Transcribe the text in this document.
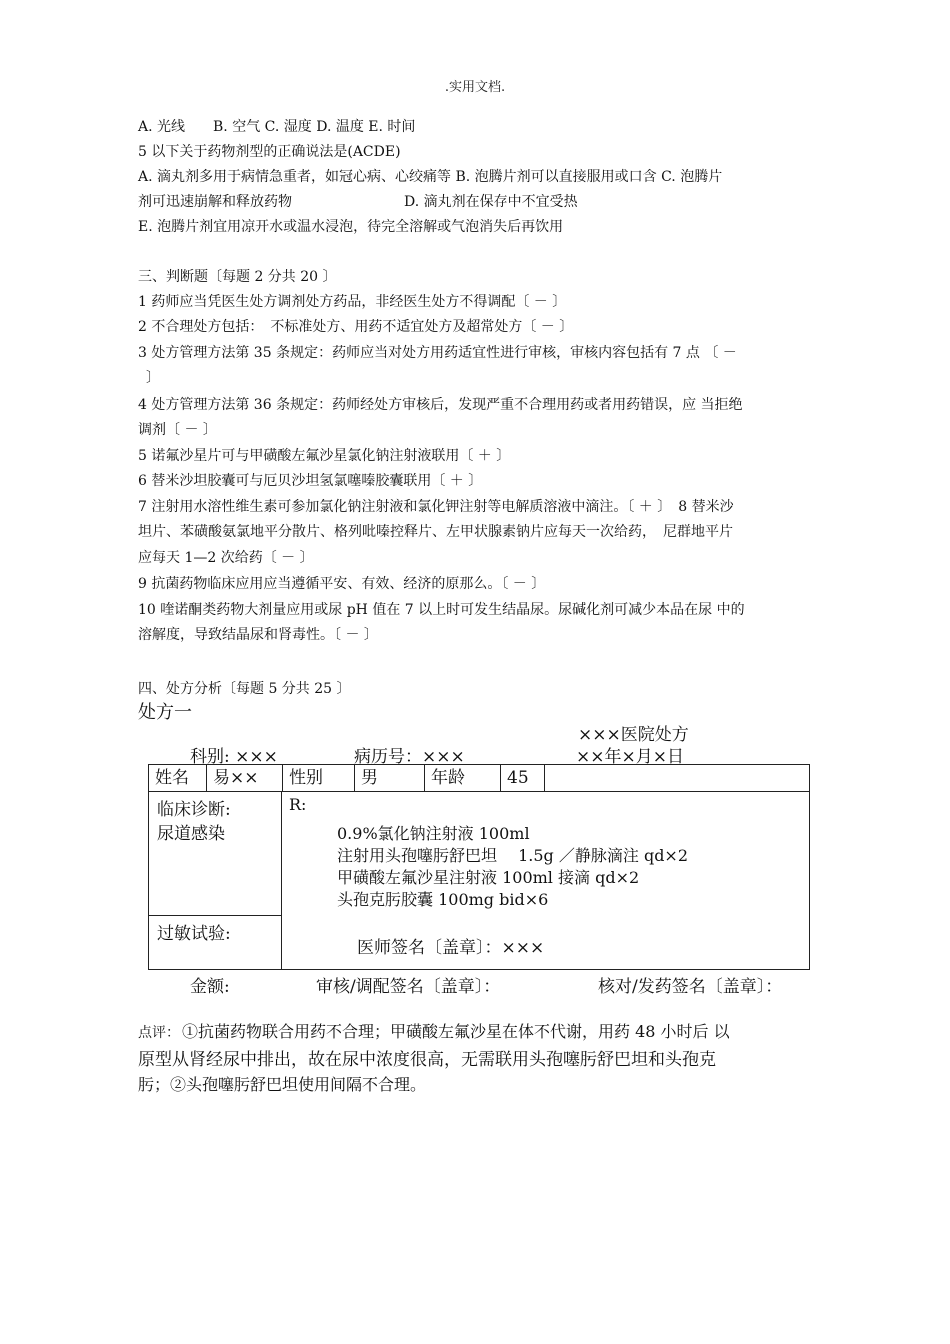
.实用文档.

A. 光线　　B. 空气 C. 湿度 D. 温度 E. 时间

5 以下关于药物剂型的正确说法是(ACDE)

A. 滴丸剂多用于病情急重者，如冠心病、心绞痛等 B. 泡腾片剂可以直接服用或口含 C. 泡腾片

剂可迅速崩解和释放药物　　　　　　　　D. 滴丸剂在保存中不宜受热

E. 泡腾片剂宜用凉开水或温水浸泡，待完全溶解或气泡消失后再饮用

三、判断题〔每题 2 分共 20 〕

1 药师应当凭医生处方调剂处方药品，非经医生处方不得调配〔 － 〕

2 不合理处方包括：　不标准处方、用药不适宜处方及超常处方〔 － 〕

3 处方管理方法第 35 条规定：药师应当对处方用药适宜性进行审核，审核内容包括有 7 点 〔 －

〕

4 处方管理方法第 36 条规定：药师经处方审核后，发现严重不合理用药或者用药错误，应 当拒绝

调剂〔 － 〕

5 诺氟沙星片可与甲磺酸左氟沙星氯化钠注射液联用〔 ＋ 〕

6 替米沙坦胶囊可与厄贝沙坦氢氯噻嗪胶囊联用〔 ＋ 〕

7 注射用水溶性维生素可参加氯化钠注射液和氯化钾注射等电解质溶液中滴注。〔 ＋ 〕　8 替米沙

坦片、苯磺酸氨氯地平分散片、格列吡嗪控释片、左甲状腺素钠片应每天一次给药，　尼群地平片

应每天 1—2 次给药〔 － 〕

9 抗菌药物临床应用应当遵循平安、有效、经济的原那么。〔 － 〕

10 喹诺酮类药物大剂量应用或尿 pH 值在 7 以上时可发生结晶尿。尿碱化剂可减少本品在尿 中的

溶解度，导致结晶尿和肾毒性。〔 － 〕

四、处方分析〔每题 5 分共 25 〕

处方一

×××医院处方

科别: ×××	病历号：×××	××年×月×日

姓名	易××	性别	男	年龄	45
临床诊断:
尿道感染
过敏试验:
R:
0.9%氯化钠注射液 100ml
注射用头孢噻肟舒巴坦　 1.5g ／静脉滴注 qd×2
甲磺酸左氟沙星注射液 100ml 接滴 qd×2
头孢克肟胶囊 100mg bid×6
医师签名〔盖章〕：×××

金额:	审核/调配签名〔盖章〕：	核对/发药签名〔盖章〕：

点评： ①抗菌药物联合用药不合理；甲磺酸左氟沙星在体不代谢，用药 48 小时后 以

原型从肾经尿中排出，故在尿中浓度很高，无需联用头孢噻肟舒巴坦和头孢克

肟；②头孢噻肟舒巴坦使用间隔不合理。
